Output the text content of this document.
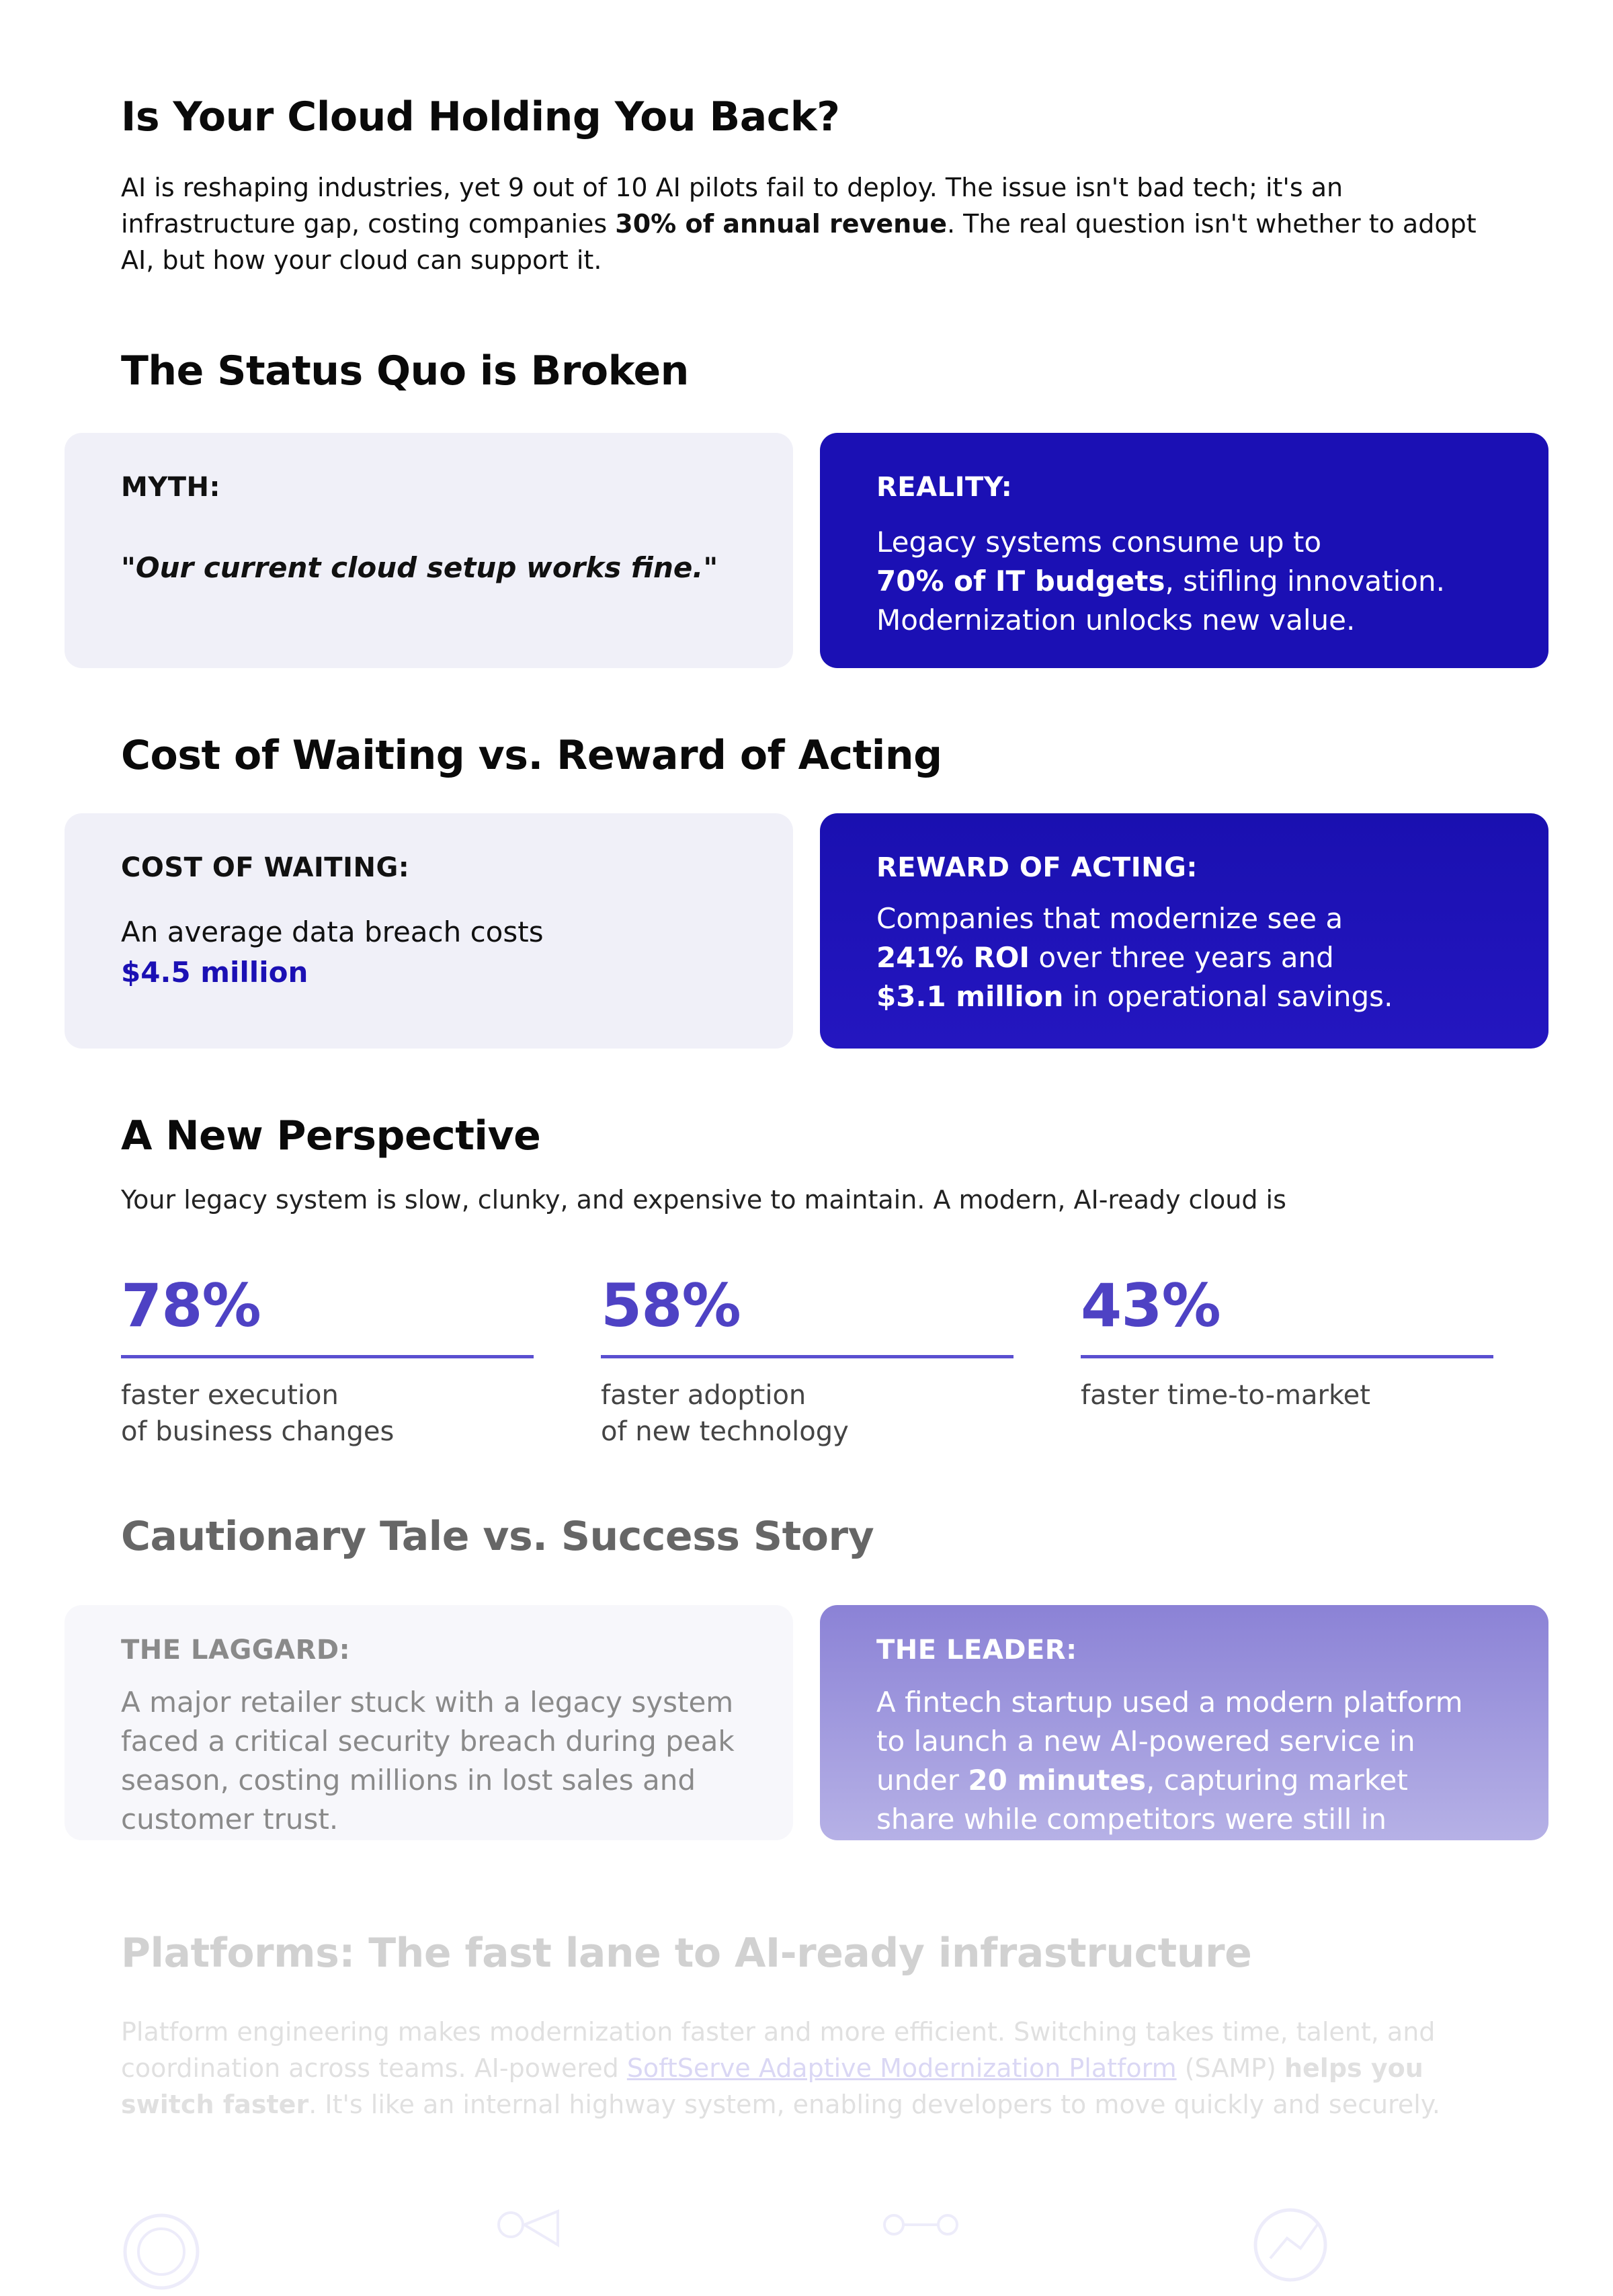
Is Your Cloud Holding You Back?

AI is reshaping industries, yet 9 out of 10 AI pilots fail to deploy. The issue isn't bad tech; it's an infrastructure gap, costing companies 30% of annual revenue. The real question isn't whether to adopt AI, but how your cloud can support it.

The Status Quo is Broken
MYTH:
"Our current cloud setup works fine."
REALITY:
Legacy systems consume up to
70% of IT budgets, stifling innovation.
Modernization unlocks new value.
Cost of Waiting vs. Reward of Acting
COST OF WAITING:
An average data breach costs
$4.5 million
REWARD OF ACTING:
Companies that modernize see a
241% ROI over three years and
$3.1 million in operational savings.
A New Perspective

Your legacy system is slow, clunky, and expensive to maintain. A modern, AI-ready cloud is

78%
faster execution
of business changes
58%
faster adoption
of new technology
43%
faster time-to-market
Cautionary Tale vs. Success Story
THE LAGGARD:
A major retailer stuck with a legacy system faced a critical security breach during peak season, costing millions in lost sales and customer trust.
THE LEADER:
A fintech startup used a modern platform to launch a new AI-powered service in under 20 minutes, capturing market share while competitors were still in development.
Platforms: The fast lane to AI-ready infrastructure

Platform engineering makes modernization faster and more efficient. Switching takes time, talent, and coordination across teams. AI-powered SoftServe Adaptive Modernization Platform (SAMP) helps you switch faster. It's like an internal highway system, enabling developers to move quickly and securely.
